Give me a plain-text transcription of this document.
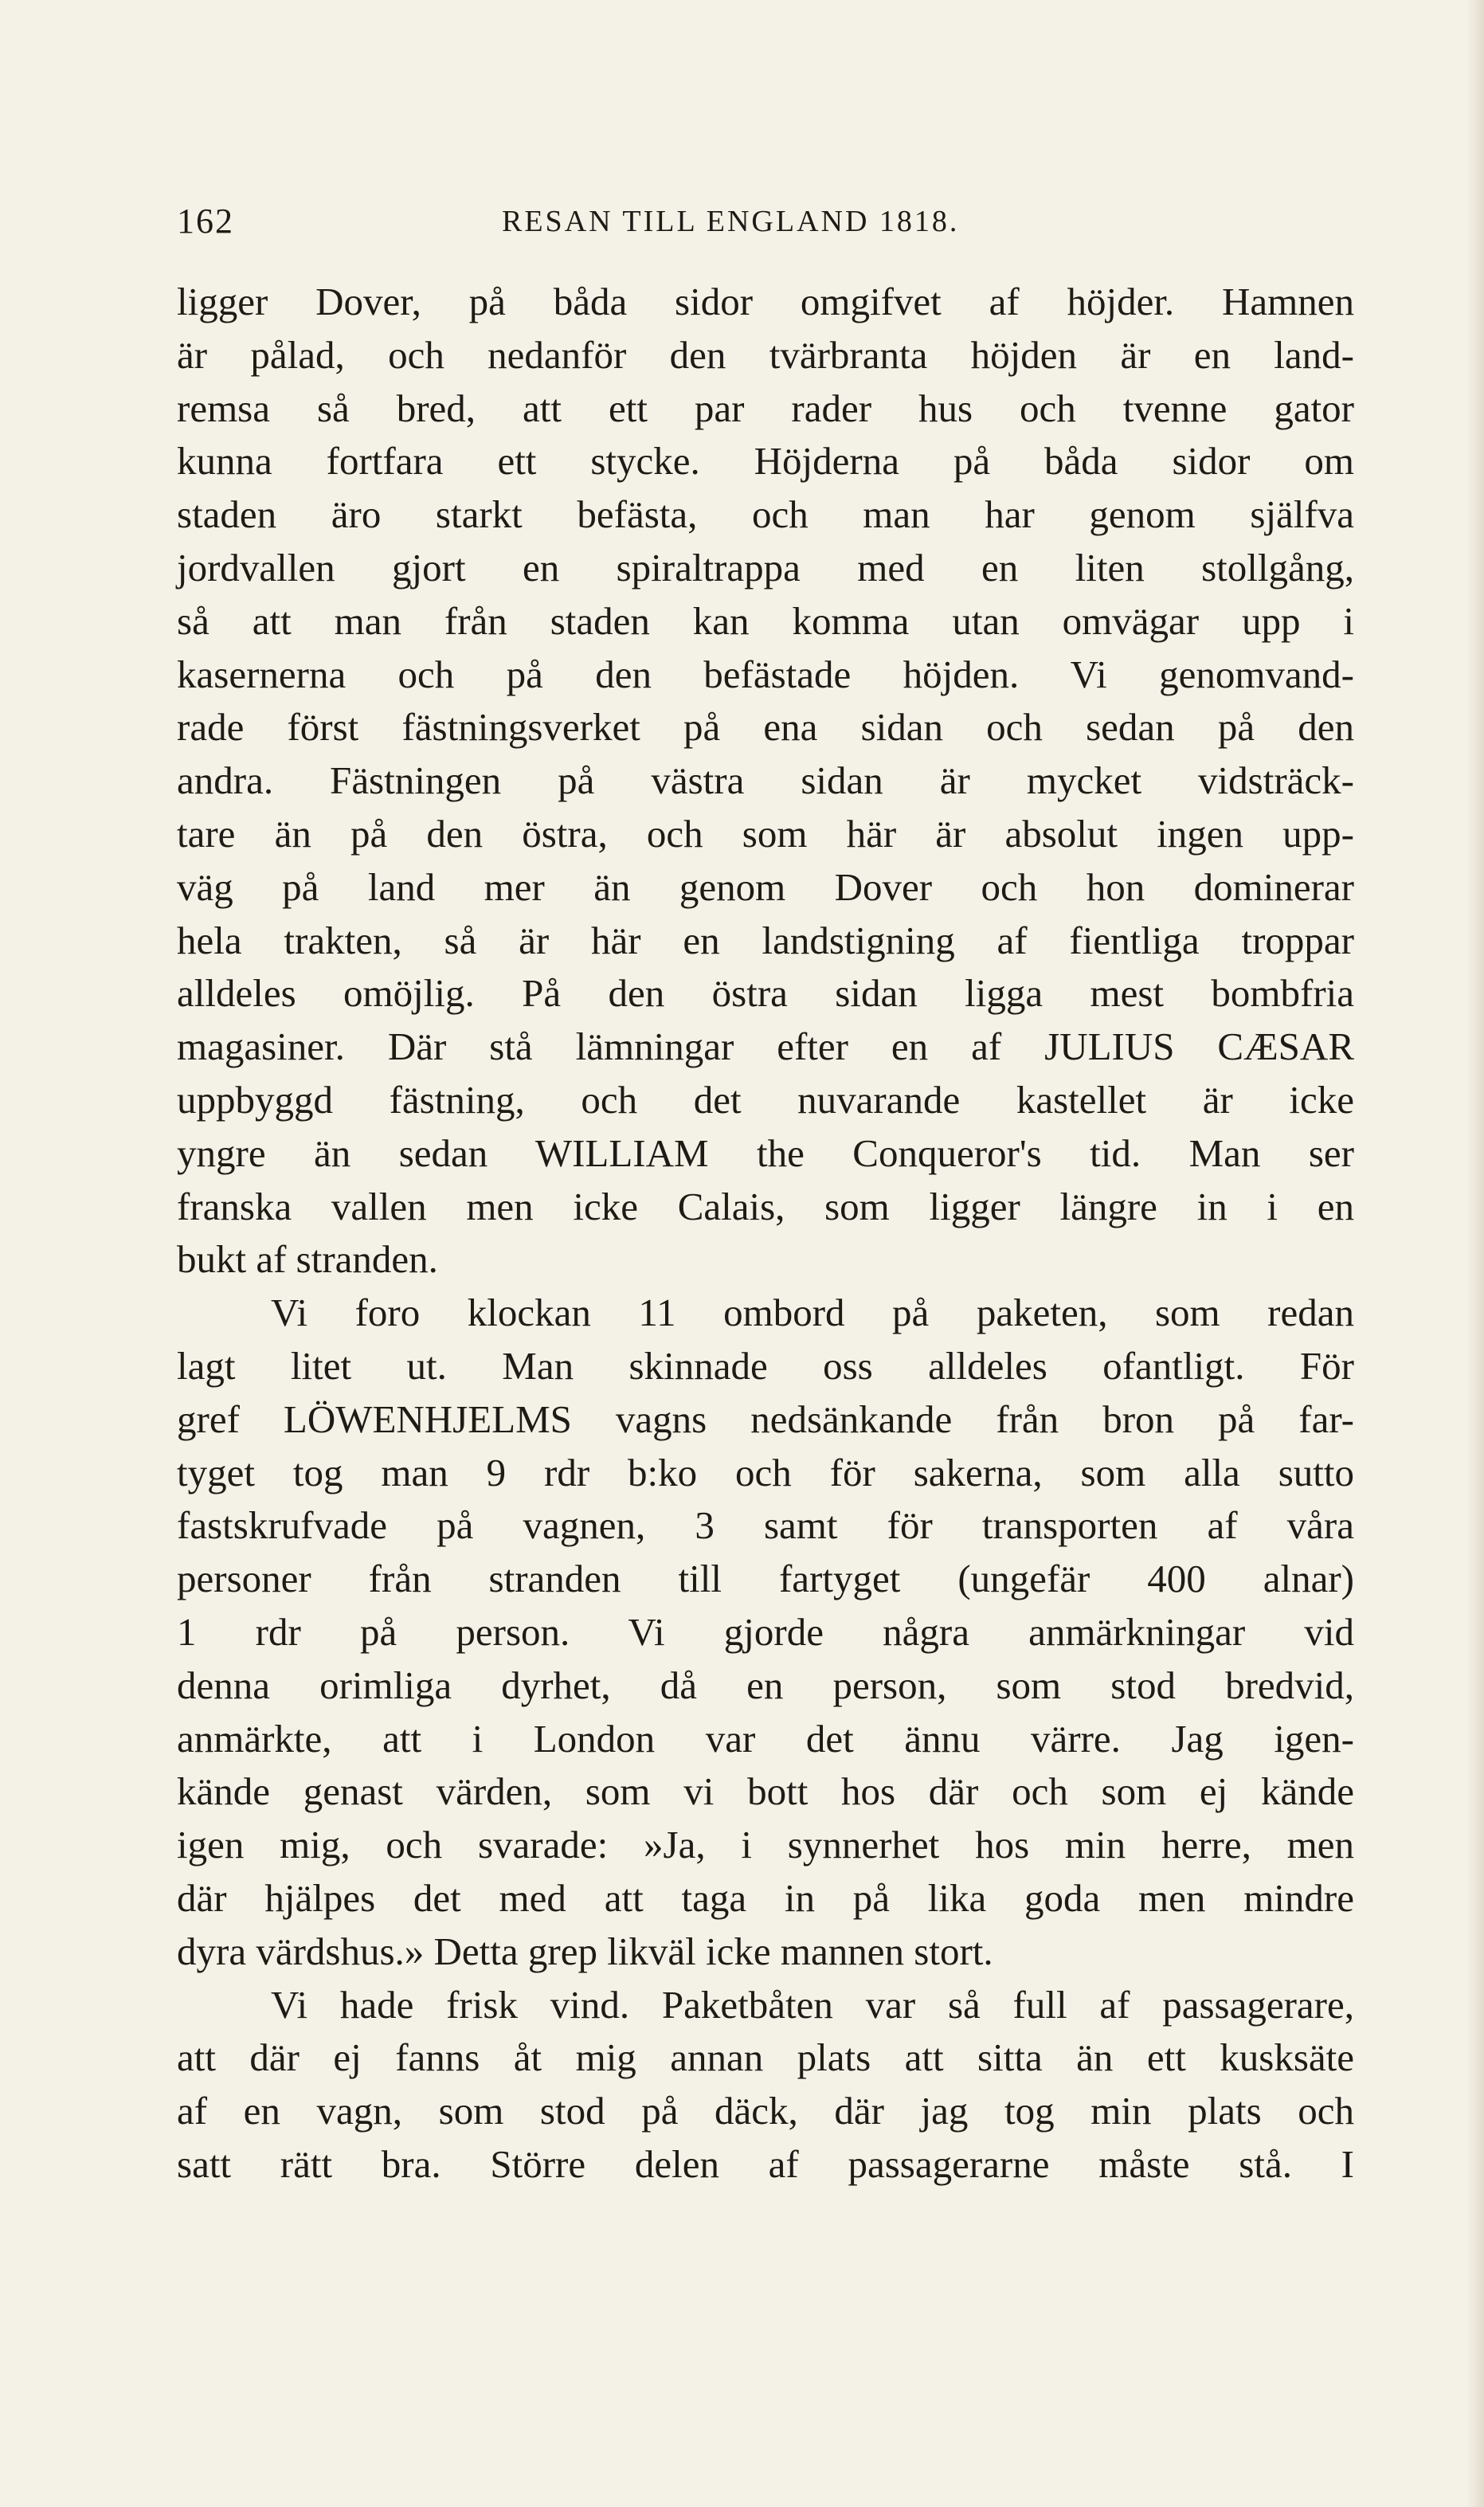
162	RESAN TILL ENGLAND 1818.
ligger Dover, på båda sidor omgifvet af höjder. Hamnen
är pålad, och nedanför den tvärbranta höjden är en land-
remsa så bred, att ett par rader hus och tvenne gator
kunna fortfara ett stycke. Höjderna på båda sidor om
staden äro starkt befästa, och man har genom själfva
jordvallen gjort en spiraltrappa med en liten stollgång,
så att man från staden kan komma utan omvägar upp i
kasernerna och på den befästade höjden. Vi genomvand-
rade först fästningsverket på ena sidan och sedan på den
andra. Fästningen på västra sidan är mycket vidsträck-
tare än på den östra, och som här är absolut ingen upp-
väg på land mer än genom Dover och hon dominerar
hela trakten, så är här en landstigning af fientliga troppar
alldeles omöjlig. På den östra sidan ligga mest bombfria
magasiner. Där stå lämningar efter en af JULIUS CÆSAR
uppbyggd fästning, och det nuvarande kastellet är icke
yngre än sedan WILLIAM the Conqueror's tid. Man ser
franska vallen men icke Calais, som ligger längre in i en
bukt af stranden.
Vi foro klockan 11 ombord på paketen, som redan
lagt litet ut. Man skinnade oss alldeles ofantligt. För
gref LÖWENHJELMS vagns nedsänkande från bron på far-
tyget tog man 9 rdr b:ko och för sakerna, som alla sutto
fastskrufvade på vagnen, 3 samt för transporten af våra
personer från stranden till fartyget (ungefär 400 alnar)
1 rdr på person. Vi gjorde några anmärkningar vid
denna orimliga dyrhet, då en person, som stod bredvid,
anmärkte, att i London var det ännu värre. Jag igen-
kände genast värden, som vi bott hos där och som ej kände
igen mig, och svarade: »Ja, i synnerhet hos min herre, men
där hjälpes det med att taga in på lika goda men mindre
dyra värdshus.» Detta grep likväl icke mannen stort.
Vi hade frisk vind. Paketbåten var så full af passagerare,
att där ej fanns åt mig annan plats att sitta än ett kusksäte
af en vagn, som stod på däck, där jag tog min plats och
satt rätt bra. Större delen af passagerarne måste stå. I
